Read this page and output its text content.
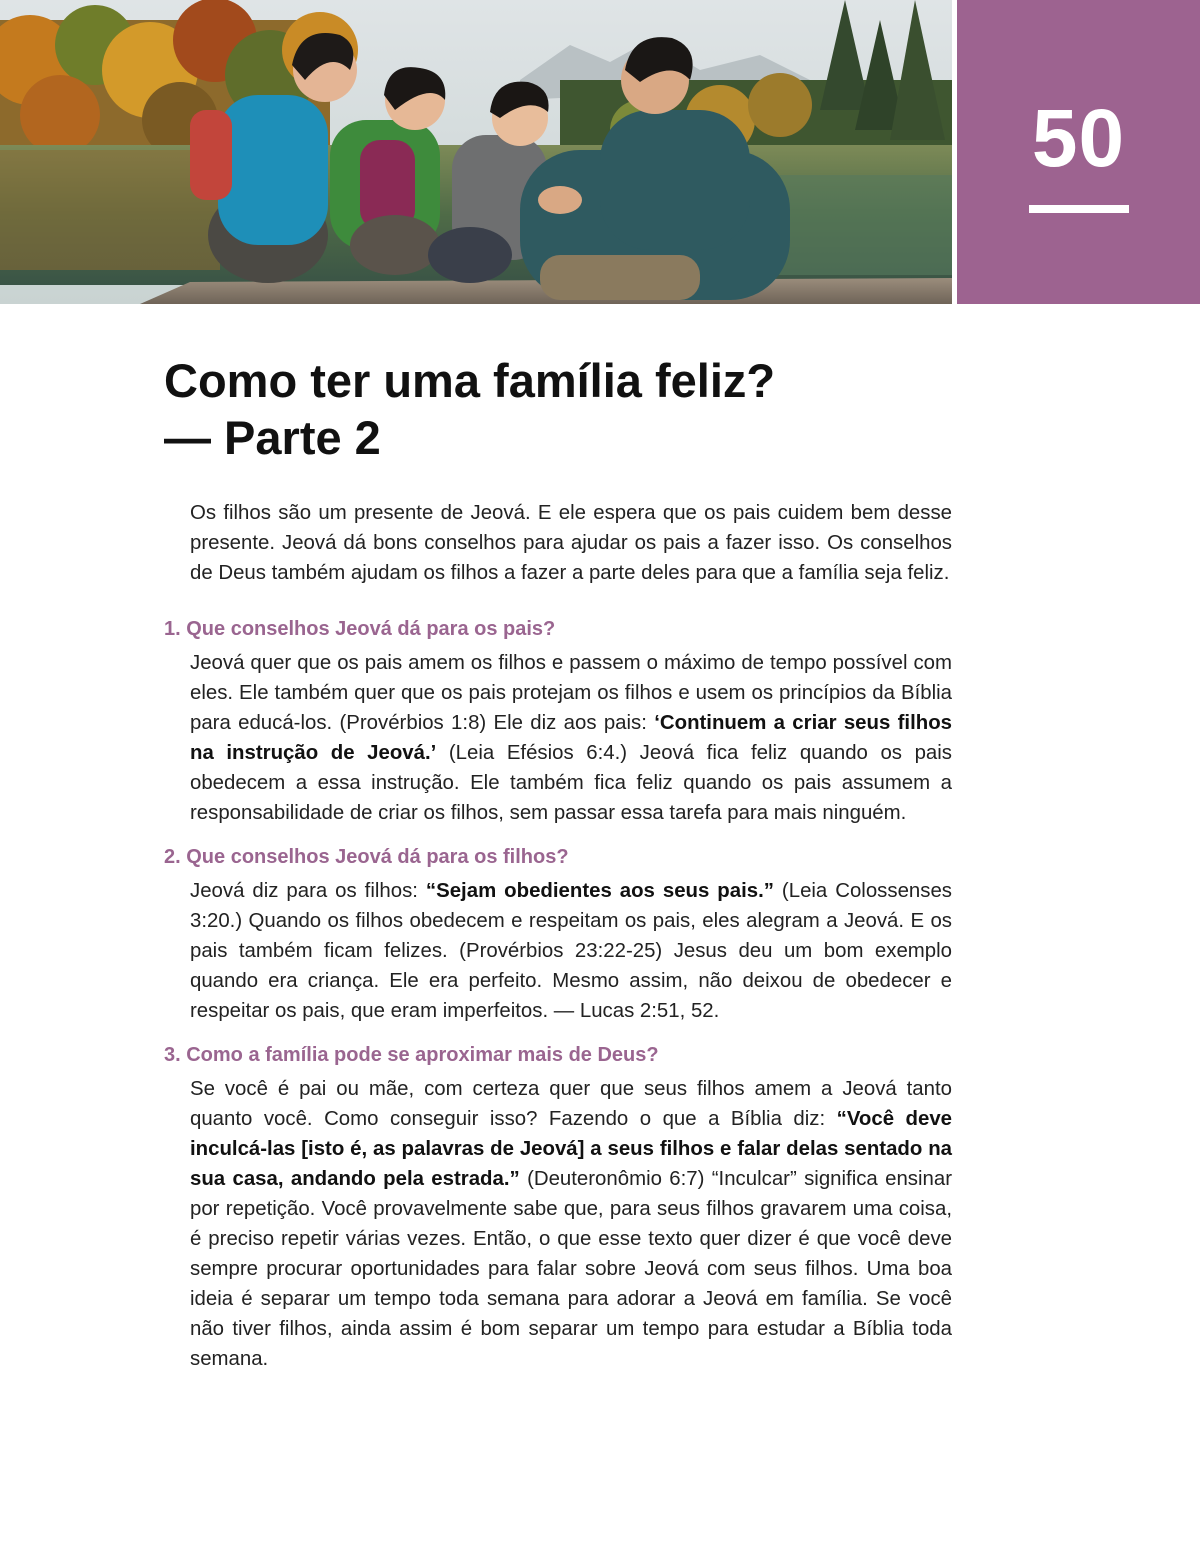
50
Como ter uma família feliz?
— Parte 2

Os filhos são um presente de Jeová. E ele espera que os pais cuidem bem desse presente. Jeová dá bons conselhos para ajudar os pais a fazer isso. Os conselhos de Deus também ajudam os filhos a fazer a parte deles para que a família seja feliz.

1. Que conselhos Jeová dá para os pais?

Jeová quer que os pais amem os filhos e passem o máximo de tempo possível com eles. Ele também quer que os pais protejam os filhos e usem os princípios da Bíblia para educá-los. (Provérbios 1:8) Ele diz aos pais: ‘Continuem a criar seus filhos na instrução de Jeová.’ (Leia Efésios 6:4.) Jeová fica feliz quando os pais obedecem a essa instrução. Ele também fica feliz quando os pais assumem a responsabilidade de criar os filhos, sem passar essa tarefa para mais ninguém.

2. Que conselhos Jeová dá para os filhos?

Jeová diz para os filhos: “Sejam obedientes aos seus pais.” (Leia Colossenses 3:20.) Quando os filhos obedecem e respeitam os pais, eles alegram a Jeová. E os pais também ficam felizes. (Provérbios 23:22-25) Jesus deu um bom exemplo quando era criança. Ele era perfeito. Mesmo assim, não deixou de obedecer e respeitar os pais, que eram imperfeitos. — Lucas 2:51, 52.

3. Como a família pode se aproximar mais de Deus?

Se você é pai ou mãe, com certeza quer que seus filhos amem a Jeová tanto quanto você. Como conseguir isso? Fazendo o que a Bíblia diz: “Você deve inculcá-las [isto é, as palavras de Jeová] a seus filhos e falar delas sentado na sua casa, andando pela estrada.” (Deuteronômio 6:7) “Inculcar” significa ensinar por repetição. Você provavelmente sabe que, para seus filhos gravarem uma coisa, é preciso repetir várias vezes. Então, o que esse texto quer dizer é que você deve sempre procurar oportunidades para falar sobre Jeová com seus filhos. Uma boa ideia é separar um tempo toda semana para adorar a Jeová em família. Se você não tiver filhos, ainda assim é bom separar um tempo para estudar a Bíblia toda semana.
